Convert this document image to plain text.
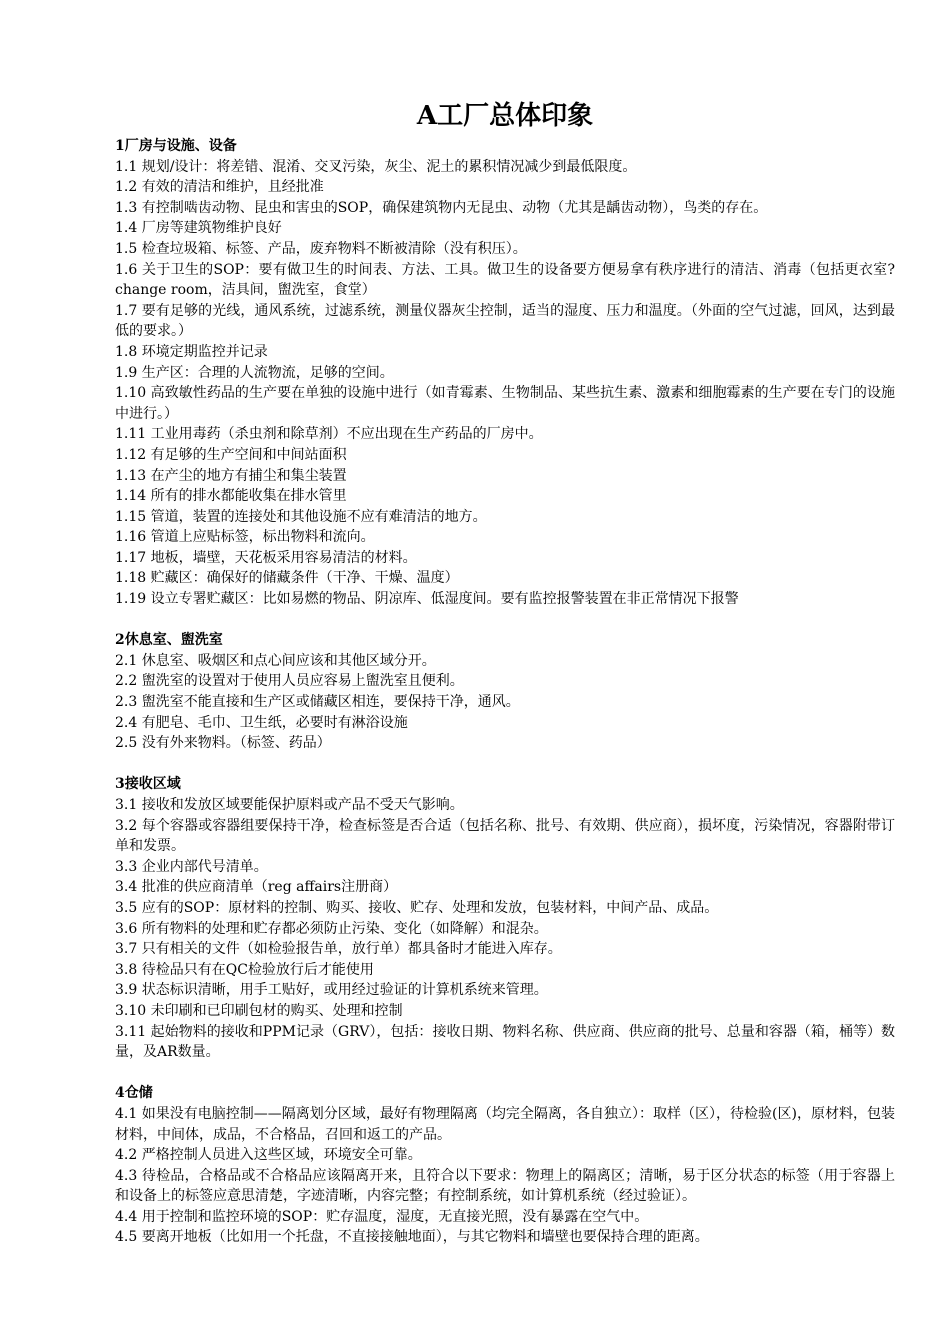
A工厂总体印象

1厂房与设施、设备

1.1 规划/设计：将差错、混淆、交叉污染，灰尘、泥土的累积情况减少到最低限度。

1.2 有效的清洁和维护，且经批准

1.3 有控制啮齿动物、昆虫和害虫的SOP，确保建筑物内无昆虫、动物（尤其是龋齿动物），鸟类的存在。

1.4 厂房等建筑物维护良好

1.5 检查垃圾箱、标签、产品，废弃物料不断被清除（没有积压）。

1.6 关于卫生的SOP：要有做卫生的时间表、方法、工具。做卫生的设备要方便易拿有秩序进行的清洁、消毒（包括更衣室?change room，洁具间，盥洗室，食堂）

1.7 要有足够的光线，通风系统，过滤系统，测量仪器灰尘控制，适当的湿度、压力和温度。（外面的空气过滤，回风，达到最低的要求。）

1.8 环境定期监控并记录

1.9 生产区：合理的人流物流，足够的空间。

1.10 高致敏性药品的生产要在单独的设施中进行（如青霉素、生物制品、某些抗生素、激素和细胞霉素的生产要在专门的设施中进行。）

1.11 工业用毒药（杀虫剂和除草剂）不应出现在生产药品的厂房中。

1.12 有足够的生产空间和中间站面积

1.13 在产尘的地方有捕尘和集尘装置

1.14 所有的排水都能收集在排水管里

1.15 管道，装置的连接处和其他设施不应有难清洁的地方。

1.16 管道上应贴标签，标出物料和流向。

1.17 地板，墙壁，天花板采用容易清洁的材料。

1.18 贮藏区：确保好的储藏条件（干净、干燥、温度）

1.19 设立专署贮藏区：比如易燃的物品、阴凉库、低湿度间。要有监控报警装置在非正常情况下报警

2休息室、盥洗室

2.1 休息室、吸烟区和点心间应该和其他区域分开。

2.2 盥洗室的设置对于使用人员应容易上盥洗室且便利。

2.3 盥洗室不能直接和生产区或储藏区相连，要保持干净，通风。

2.4 有肥皂、毛巾、卫生纸，必要时有淋浴设施

2.5 没有外来物料。（标签、药品）

3接收区域

3.1 接收和发放区域要能保护原料或产品不受天气影响。

3.2 每个容器或容器组要保持干净，检查标签是否合适（包括名称、批号、有效期、供应商），损坏度，污染情况，容器附带订单和发票。

3.3 企业内部代号清单。

3.4 批准的供应商清单（reg affairs注册商）

3.5 应有的SOP：原材料的控制、购买、接收、贮存、处理和发放，包装材料，中间产品、成品。

3.6 所有物料的处理和贮存都必须防止污染、变化（如降解）和混杂。

3.7 只有相关的文件（如检验报告单，放行单）都具备时才能进入库存。

3.8 待检品只有在QC检验放行后才能使用

3.9 状态标识清晰，用手工贴好，或用经过验证的计算机系统来管理。

3.10 未印刷和已印刷包材的购买、处理和控制

3.11 起始物料的接收和PPM记录（GRV），包括：接收日期、物料名称、供应商、供应商的批号、总量和容器（箱，桶等）数量，及AR数量。

4仓储

4.1 如果没有电脑控制——隔离划分区域，最好有物理隔离（均完全隔离，各自独立）：取样（区），待检验(区)，原材料，包装材料，中间体，成品，不合格品，召回和返工的产品。

4.2 严格控制人员进入这些区域，环境安全可靠。

4.3 待检品，合格品或不合格品应该隔离开来，且符合以下要求：物理上的隔离区；清晰，易于区分状态的标签（用于容器上和设备上的标签应意思清楚，字迹清晰，内容完整；有控制系统，如计算机系统（经过验证）。

4.4 用于控制和监控环境的SOP：贮存温度，湿度，无直接光照，没有暴露在空气中。

4.5 要离开地板（比如用一个托盘，不直接接触地面），与其它物料和墙壁也要保持合理的距离。
